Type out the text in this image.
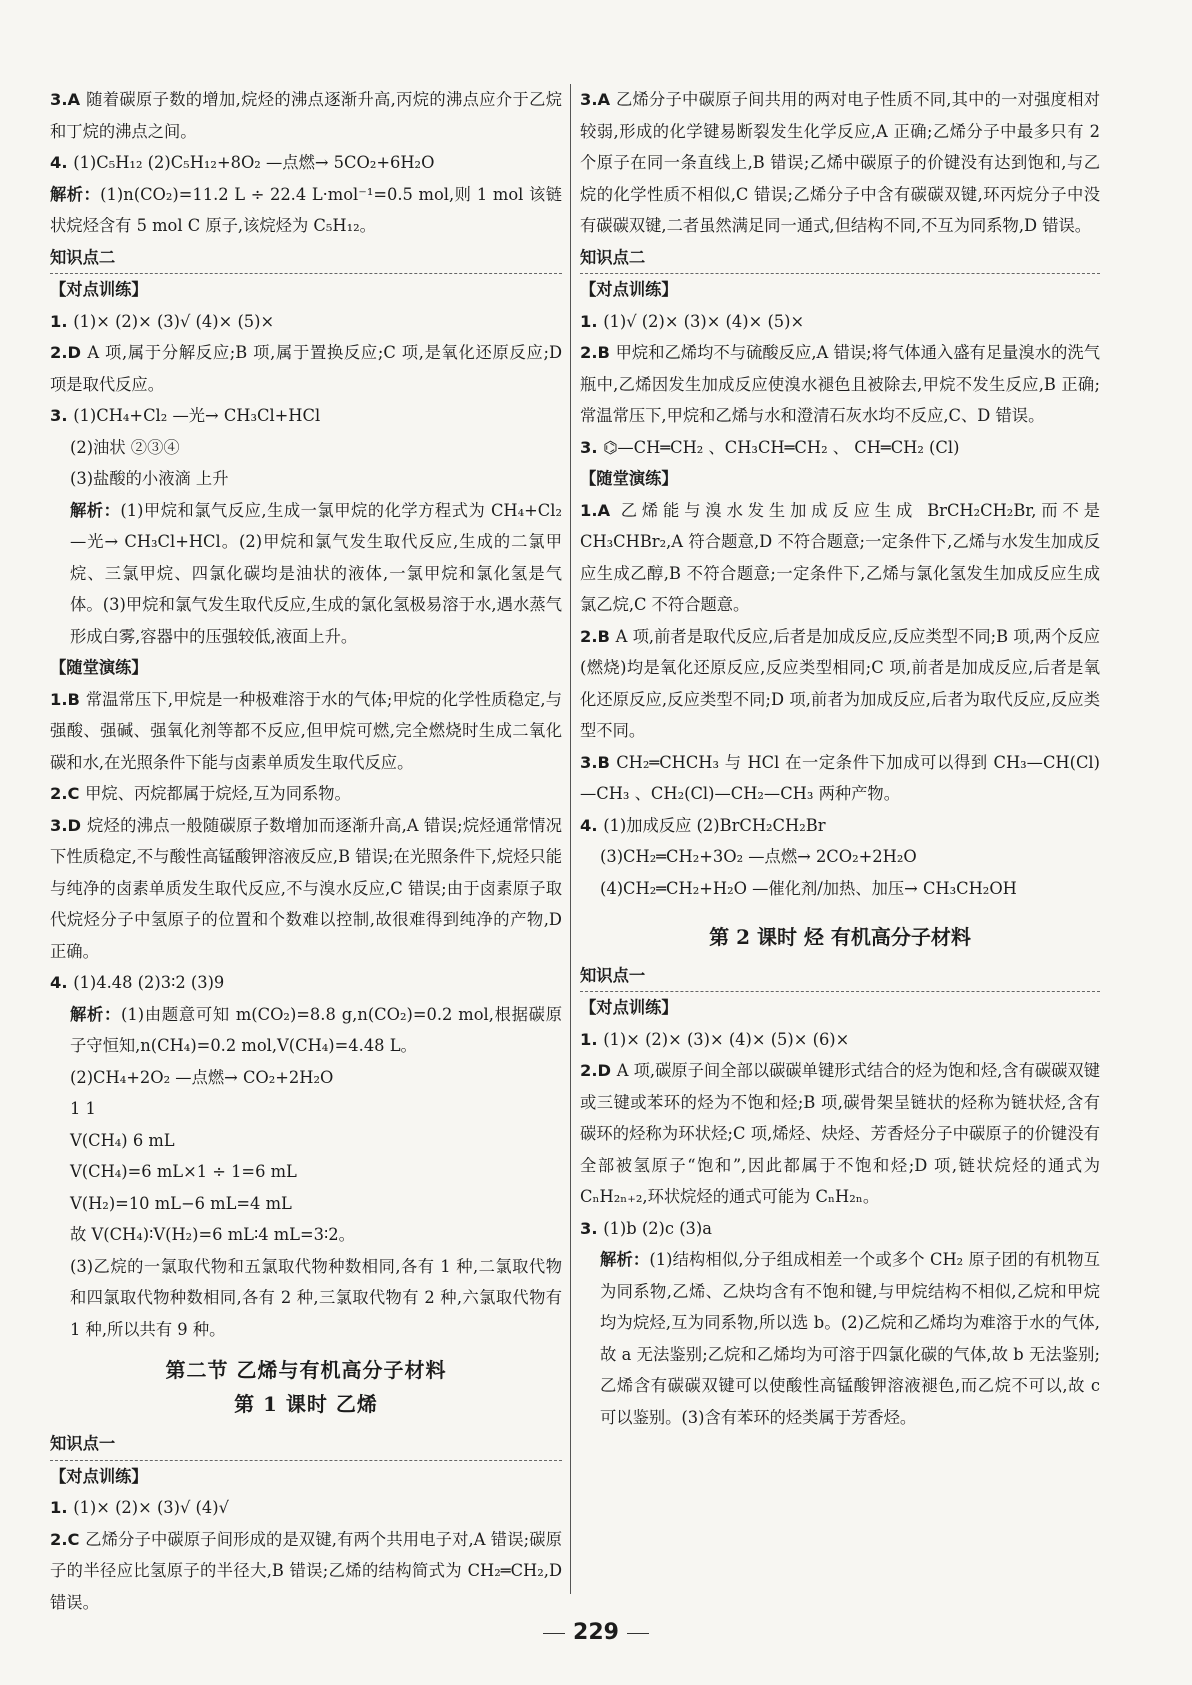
3.A 随着碳原子数的增加,烷烃的沸点逐渐升高,丙烷的沸点应介于乙烷和丁烷的沸点之间。
4. (1)C₅H₁₂ (2)C₅H₁₂+8O₂ —点燃→ 5CO₂+6H₂O
解析：(1)n(CO₂)=11.2 L ÷ 22.4 L·mol⁻¹=0.5 mol,则 1 mol 该链状烷烃含有 5 mol C 原子,该烷烃为 C₅H₁₂。
知识点二
【对点训练】
1. (1)× (2)× (3)√ (4)× (5)×
2.D A 项,属于分解反应;B 项,属于置换反应;C 项,是氧化还原反应;D 项是取代反应。
3. (1)CH₄+Cl₂ —光→ CH₃Cl+HCl
(2)油状 ②③④
(3)盐酸的小液滴 上升
解析：(1)甲烷和氯气反应,生成一氯甲烷的化学方程式为 CH₄+Cl₂ —光→ CH₃Cl+HCl。(2)甲烷和氯气发生取代反应,生成的二氯甲烷、三氯甲烷、四氯化碳均是油状的液体,一氯甲烷和氯化氢是气体。(3)甲烷和氯气发生取代反应,生成的氯化氢极易溶于水,遇水蒸气形成白雾,容器中的压强较低,液面上升。
【随堂演练】
1.B 常温常压下,甲烷是一种极难溶于水的气体;甲烷的化学性质稳定,与强酸、强碱、强氧化剂等都不反应,但甲烷可燃,完全燃烧时生成二氧化碳和水,在光照条件下能与卤素单质发生取代反应。
2.C 甲烷、丙烷都属于烷烃,互为同系物。
3.D 烷烃的沸点一般随碳原子数增加而逐渐升高,A 错误;烷烃通常情况下性质稳定,不与酸性高锰酸钾溶液反应,B 错误;在光照条件下,烷烃只能与纯净的卤素单质发生取代反应,不与溴水反应,C 错误;由于卤素原子取代烷烃分子中氢原子的位置和个数难以控制,故很难得到纯净的产物,D 正确。
4. (1)4.48 (2)3∶2 (3)9
解析：(1)由题意可知 m(CO₂)=8.8 g,n(CO₂)=0.2 mol,根据碳原子守恒知,n(CH₄)=0.2 mol,V(CH₄)=4.48 L。
(2)CH₄+2O₂ —点燃→ CO₂+2H₂O
1 1
V(CH₄) 6 mL
V(CH₄)=6 mL×1 ÷ 1=6 mL
V(H₂)=10 mL−6 mL=4 mL
故 V(CH₄)∶V(H₂)=6 mL∶4 mL=3∶2。
(3)乙烷的一氯取代物和五氯取代物种数相同,各有 1 种,二氯取代物和四氯取代物种数相同,各有 2 种,三氯取代物有 2 种,六氯取代物有 1 种,所以共有 9 种。
第二节 乙烯与有机高分子材料
第 1 课时 乙烯
知识点一
【对点训练】
1. (1)× (2)× (3)√ (4)√
2.C 乙烯分子中碳原子间形成的是双键,有两个共用电子对,A 错误;碳原子的半径应比氢原子的半径大,B 错误;乙烯的结构简式为 CH₂═CH₂,D 错误。
3.A 乙烯分子中碳原子间共用的两对电子性质不同,其中的一对强度相对较弱,形成的化学键易断裂发生化学反应,A 正确;乙烯分子中最多只有 2 个原子在同一条直线上,B 错误;乙烯中碳原子的价键没有达到饱和,与乙烷的化学性质不相似,C 错误;乙烯分子中含有碳碳双键,环丙烷分子中没有碳碳双键,二者虽然满足同一通式,但结构不同,不互为同系物,D 错误。
知识点二
【对点训练】
1. (1)√ (2)× (3)× (4)× (5)×
2.B 甲烷和乙烯均不与硫酸反应,A 错误;将气体通入盛有足量溴水的洗气瓶中,乙烯因发生加成反应使溴水褪色且被除去,甲烷不发生反应,B 正确;常温常压下,甲烷和乙烯与水和澄清石灰水均不反应,C、D 错误。
3. ⌬—CH═CH₂ 、CH₃CH═CH₂ 、 CH═CH₂ (Cl)
【随堂演练】
1.A 乙烯能与溴水发生加成反应生成 BrCH₂CH₂Br,而不是 CH₃CHBr₂,A 符合题意,D 不符合题意;一定条件下,乙烯与水发生加成反应生成乙醇,B 不符合题意;一定条件下,乙烯与氯化氢发生加成反应生成氯乙烷,C 不符合题意。
2.B A 项,前者是取代反应,后者是加成反应,反应类型不同;B 项,两个反应(燃烧)均是氧化还原反应,反应类型相同;C 项,前者是加成反应,后者是氧化还原反应,反应类型不同;D 项,前者为加成反应,后者为取代反应,反应类型不同。
3.B CH₂═CHCH₃ 与 HCl 在一定条件下加成可以得到 CH₃—CH(Cl)—CH₃ 、CH₂(Cl)—CH₂—CH₃ 两种产物。
4. (1)加成反应 (2)BrCH₂CH₂Br
(3)CH₂═CH₂+3O₂ —点燃→ 2CO₂+2H₂O
(4)CH₂═CH₂+H₂O —催化剂/加热、加压→ CH₃CH₂OH
第 2 课时 烃 有机高分子材料
知识点一
【对点训练】
1. (1)× (2)× (3)× (4)× (5)× (6)×
2.D A 项,碳原子间全部以碳碳单键形式结合的烃为饱和烃,含有碳碳双键或三键或苯环的烃为不饱和烃;B 项,碳骨架呈链状的烃称为链状烃,含有碳环的烃称为环状烃;C 项,烯烃、炔烃、芳香烃分子中碳原子的价键没有全部被氢原子“饱和”,因此都属于不饱和烃;D 项,链状烷烃的通式为 CₙH₂ₙ₊₂,环状烷烃的通式可能为 CₙH₂ₙ。
3. (1)b (2)c (3)a
解析：(1)结构相似,分子组成相差一个或多个 CH₂ 原子团的有机物互为同系物,乙烯、乙炔均含有不饱和键,与甲烷结构不相似,乙烷和甲烷均为烷烃,互为同系物,所以选 b。(2)乙烷和乙烯均为难溶于水的气体,故 a 无法鉴别;乙烷和乙烯均为可溶于四氯化碳的气体,故 b 无法鉴别;乙烯含有碳碳双键可以使酸性高锰酸钾溶液褪色,而乙烷不可以,故 c 可以鉴别。(3)含有苯环的烃类属于芳香烃。
229
